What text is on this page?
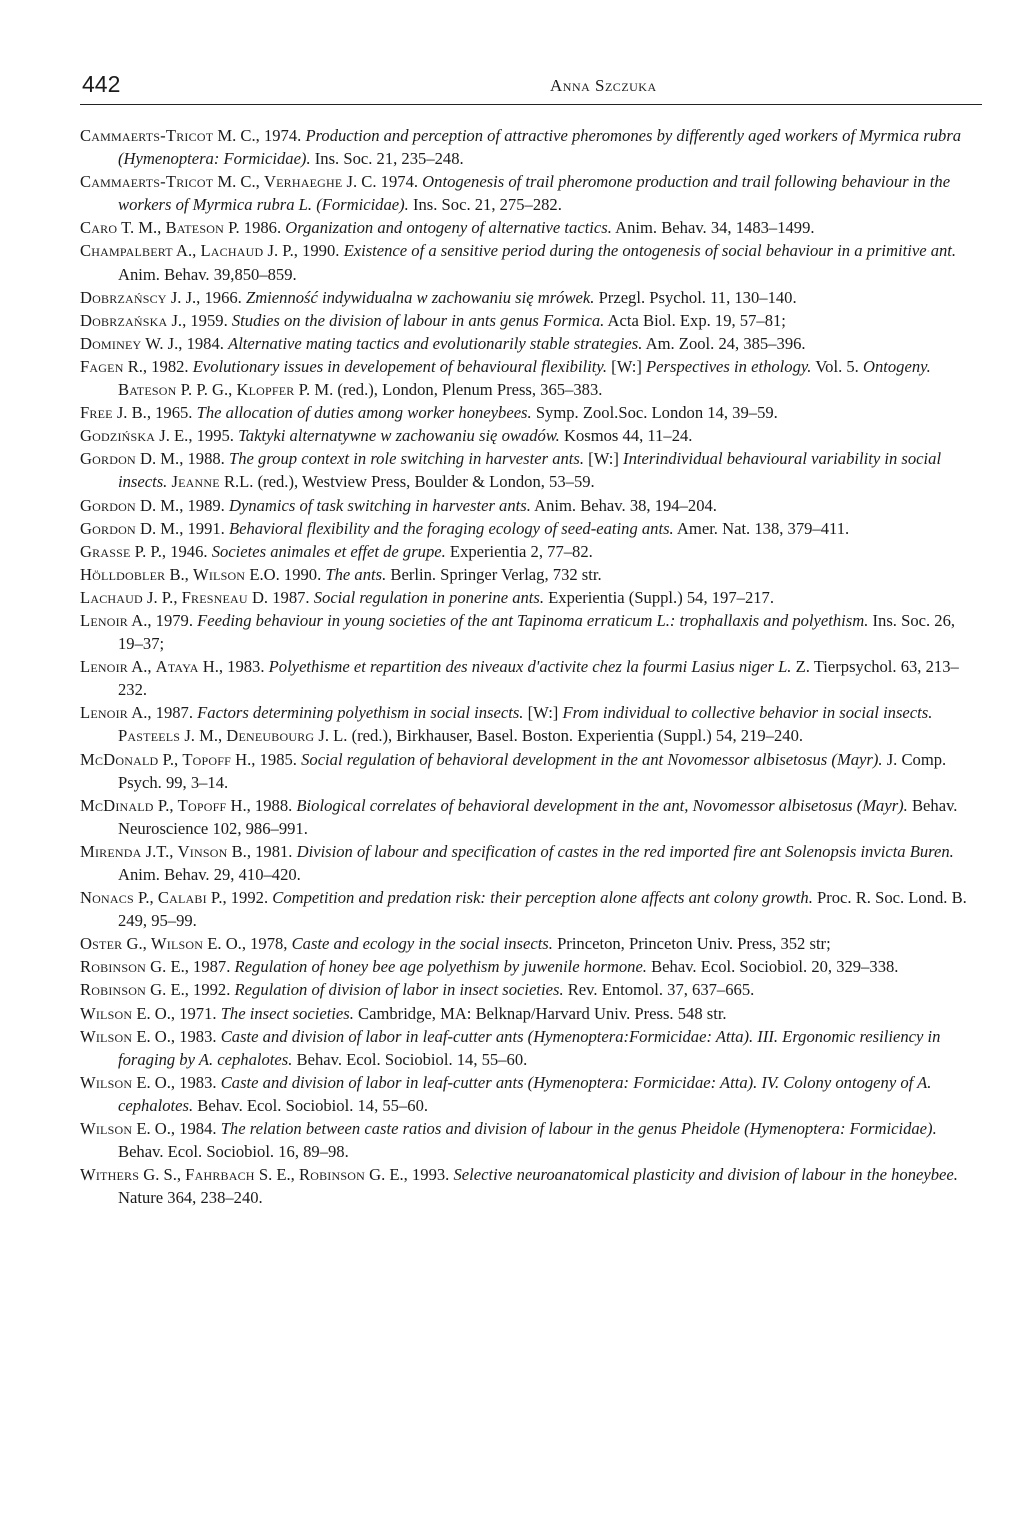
442	Anna Szczuka
Cammaerts-Tricot M. C., 1974. Production and perception of attractive pheromones by differently aged workers of Myrmica rubra (Hymenoptera: Formicidae). Ins. Soc. 21, 235–248.
Cammaerts-Tricot M. C., Verhaeghe J. C. 1974. Ontogenesis of trail pheromone production and trail following behaviour in the workers of Myrmica rubra L. (Formicidae). Ins. Soc. 21, 275–282.
Caro T. M., Bateson P. 1986. Organization and ontogeny of alternative tactics. Anim. Behav. 34, 1483–1499.
Champalbert A., Lachaud J. P., 1990. Existence of a sensitive period during the ontogenesis of social behaviour in a primitive ant. Anim. Behav. 39,850–859.
Dobrzańscy J. J., 1966. Zmienność indywidualna w zachowaniu się mrówek. Przegl. Psychol. 11, 130–140.
Dobrzańska J., 1959. Studies on the division of labour in ants genus Formica. Acta Biol. Exp. 19, 57–81;
Dominey W. J., 1984. Alternative mating tactics and evolutionarily stable strategies. Am. Zool. 24, 385–396.
Fagen R., 1982. Evolutionary issues in developement of behavioural flexibility. [W:] Perspectives in ethology. Vol. 5. Ontogeny. Bateson P. P. G., Klopfer P. M. (red.), London, Plenum Press, 365–383.
Free J. B., 1965. The allocation of duties among worker honeybees. Symp. Zool.Soc. London 14, 39–59.
Godzińska J. E., 1995. Taktyki alternatywne w zachowaniu się owadów. Kosmos 44, 11–24.
Gordon D. M., 1988. The group context in role switching in harvester ants. [W:] Interindividual behavioural variability in social insects. Jeanne R.L. (red.), Westview Press, Boulder & London, 53–59.
Gordon D. M., 1989. Dynamics of task switching in harvester ants. Anim. Behav. 38, 194–204.
Gordon D. M., 1991. Behavioral flexibility and the foraging ecology of seed-eating ants. Amer. Nat. 138, 379–411.
Grasse P. P., 1946. Societes animales et effet de grupe. Experientia 2, 77–82.
Hölldobler B., Wilson E.O. 1990. The ants. Berlin. Springer Verlag, 732 str.
Lachaud J. P., Fresneau D. 1987. Social regulation in ponerine ants. Experientia (Suppl.) 54, 197–217.
Lenoir A., 1979. Feeding behaviour in young societies of the ant Tapinoma erraticum L.: trophallaxis and polyethism. Ins. Soc. 26, 19–37;
Lenoir A., Ataya H., 1983. Polyethisme et repartition des niveaux d'activite chez la fourmi Lasius niger L. Z. Tierpsychol. 63, 213–232.
Lenoir A., 1987. Factors determining polyethism in social insects. [W:] From individual to collective behavior in social insects. Pasteels J. M., Deneubourg J. L. (red.), Birkhauser, Basel. Boston. Experientia (Suppl.) 54, 219–240.
McDonald P., Topoff H., 1985. Social regulation of behavioral development in the ant Novomessor albisetosus (Mayr). J. Comp. Psych. 99, 3–14.
McDinald P., Topoff H., 1988. Biological correlates of behavioral development in the ant, Novomessor albisetosus (Mayr). Behav. Neuroscience 102, 986–991.
Mirenda J.T., Vinson B., 1981. Division of labour and specification of castes in the red imported fire ant Solenopsis invicta Buren. Anim. Behav. 29, 410–420.
Nonacs P., Calabi P., 1992. Competition and predation risk: their perception alone affects ant colony growth. Proc. R. Soc. Lond. B. 249, 95–99.
Oster G., Wilson E. O., 1978, Caste and ecology in the social insects. Princeton, Princeton Univ. Press, 352 str;
Robinson G. E., 1987. Regulation of honey bee age polyethism by juwenile hormone. Behav. Ecol. Sociobiol. 20, 329–338.
Robinson G. E., 1992. Regulation of division of labor in insect societies. Rev. Entomol. 37, 637–665.
Wilson E. O., 1971. The insect societies. Cambridge, MA: Belknap/Harvard Univ. Press. 548 str.
Wilson E. O., 1983. Caste and division of labor in leaf-cutter ants (Hymenoptera:Formicidae: Atta). III. Ergonomic resiliency in foraging by A. cephalotes. Behav. Ecol. Sociobiol. 14, 55–60.
Wilson E. O., 1983. Caste and division of labor in leaf-cutter ants (Hymenoptera: Formicidae: Atta). IV. Colony ontogeny of A. cephalotes. Behav. Ecol. Sociobiol. 14, 55–60.
Wilson E. O., 1984. The relation between caste ratios and division of labour in the genus Pheidole (Hymenoptera: Formicidae). Behav. Ecol. Sociobiol. 16, 89–98.
Withers G. S., Fahrbach S. E., Robinson G. E., 1993. Selective neuroanatomical plasticity and division of labour in the honeybee. Nature 364, 238–240.
